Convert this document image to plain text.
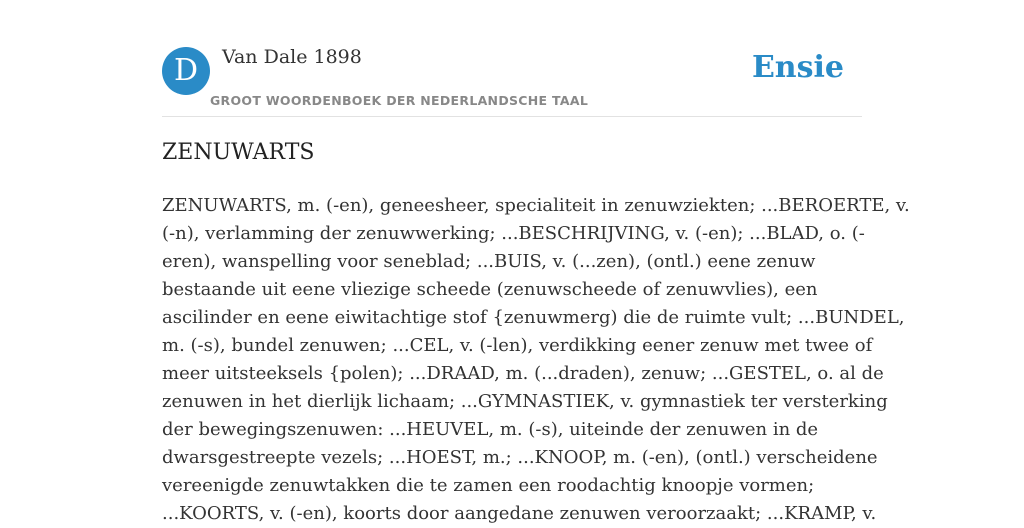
D	Van Dale 1898
GROOT WOORDENBOEK DER NEDERLANDSCHE TAAL
Ensie
ZENUWARTS

ZENUWARTS, m. (-en), geneesheer, specialiteit in zenuwziekten; ...BEROERTE, v.
(-n), verlamming der zenuwwerking; ...BESCHRIJVING, v. (-en); ...BLAD, o. (-
eren), wanspelling voor seneblad; ...BUIS, v. (...zen), (ontl.) eene zenuw
bestaande uit eene vliezige scheede (zenuwscheede of zenuwvlies), een
ascilinder en eene eiwitachtige stof {zenuwmerg) die de ruimte vult; ...BUNDEL,
m. (-s), bundel zenuwen; ...CEL, v. (-len), verdikking eener zenuw met twee of
meer uitsteeksels {polen); ...DRAAD, m. (...draden), zenuw; ...GESTEL, o. al de
zenuwen in het dierlijk lichaam; ...GYMNASTIEK, v. gymnastiek ter versterking
der bewegingszenuwen: ...HEUVEL, m. (-s), uiteinde der zenuwen in de
dwarsgestreepte vezels; ...HOEST, m.; ...KNOOP, m. (-en), (ontl.) verscheidene
vereenigde zenuwtakken die te zamen een roodachtig knoopje vormen;
...KOORTS, v. (-en), koorts door aangedane zenuwen veroorzaakt; ...KRAMP, v.
